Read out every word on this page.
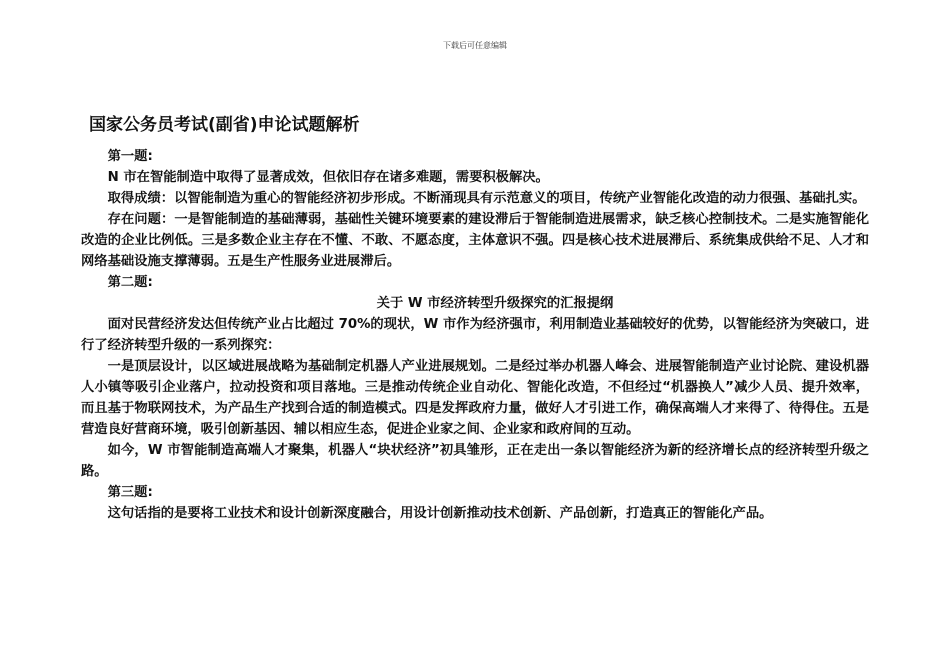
下载后可任意编辑
国家公务员考试(副省)申论试题解析

第一题:

N 市在智能制造中取得了显著成效，但依旧存在诸多难题，需要积极解决。

取得成绩：以智能制造为重心的智能经济初步形成。不断涌现具有示范意义的项目，传统产业智能化改造的动力很强、基础扎实。

存在问题：一是智能制造的基础薄弱，基础性关键环境要素的建设滞后于智能制造进展需求，缺乏核心控制技术。二是实施智能化改造的企业比例低。三是多数企业主存在不懂、不敢、不愿态度，主体意识不强。四是核心技术进展滞后、系统集成供给不足、人才和网络基础设施支撑薄弱。五是生产性服务业进展滞后。

第二题:

关于 W 市经济转型升级探究的汇报提纲

面对民营经济发达但传统产业占比超过 70%的现状，W 市作为经济强市，利用制造业基础较好的优势，以智能经济为突破口，进行了经济转型升级的一系列探究：

一是顶层设计，以区域进展战略为基础制定机器人产业进展规划。二是经过举办机器人峰会、进展智能制造产业讨论院、建设机器人小镇等吸引企业落户，拉动投资和项目落地。三是推动传统企业自动化、智能化改造，不但经过“机器换人”减少人员、提升效率，而且基于物联网技术，为产品生产找到合适的制造模式。四是发挥政府力量，做好人才引进工作，确保高端人才来得了、待得住。五是营造良好营商环境，吸引创新基因、辅以相应生态，促进企业家之间、企业家和政府间的互动。

如今，W 市智能制造高端人才聚集，机器人“块状经济”初具雏形，正在走出一条以智能经济为新的经济增长点的经济转型升级之路。

第三题:

这句话指的是要将工业技术和设计创新深度融合，用设计创新推动技术创新、产品创新，打造真正的智能化产品。
